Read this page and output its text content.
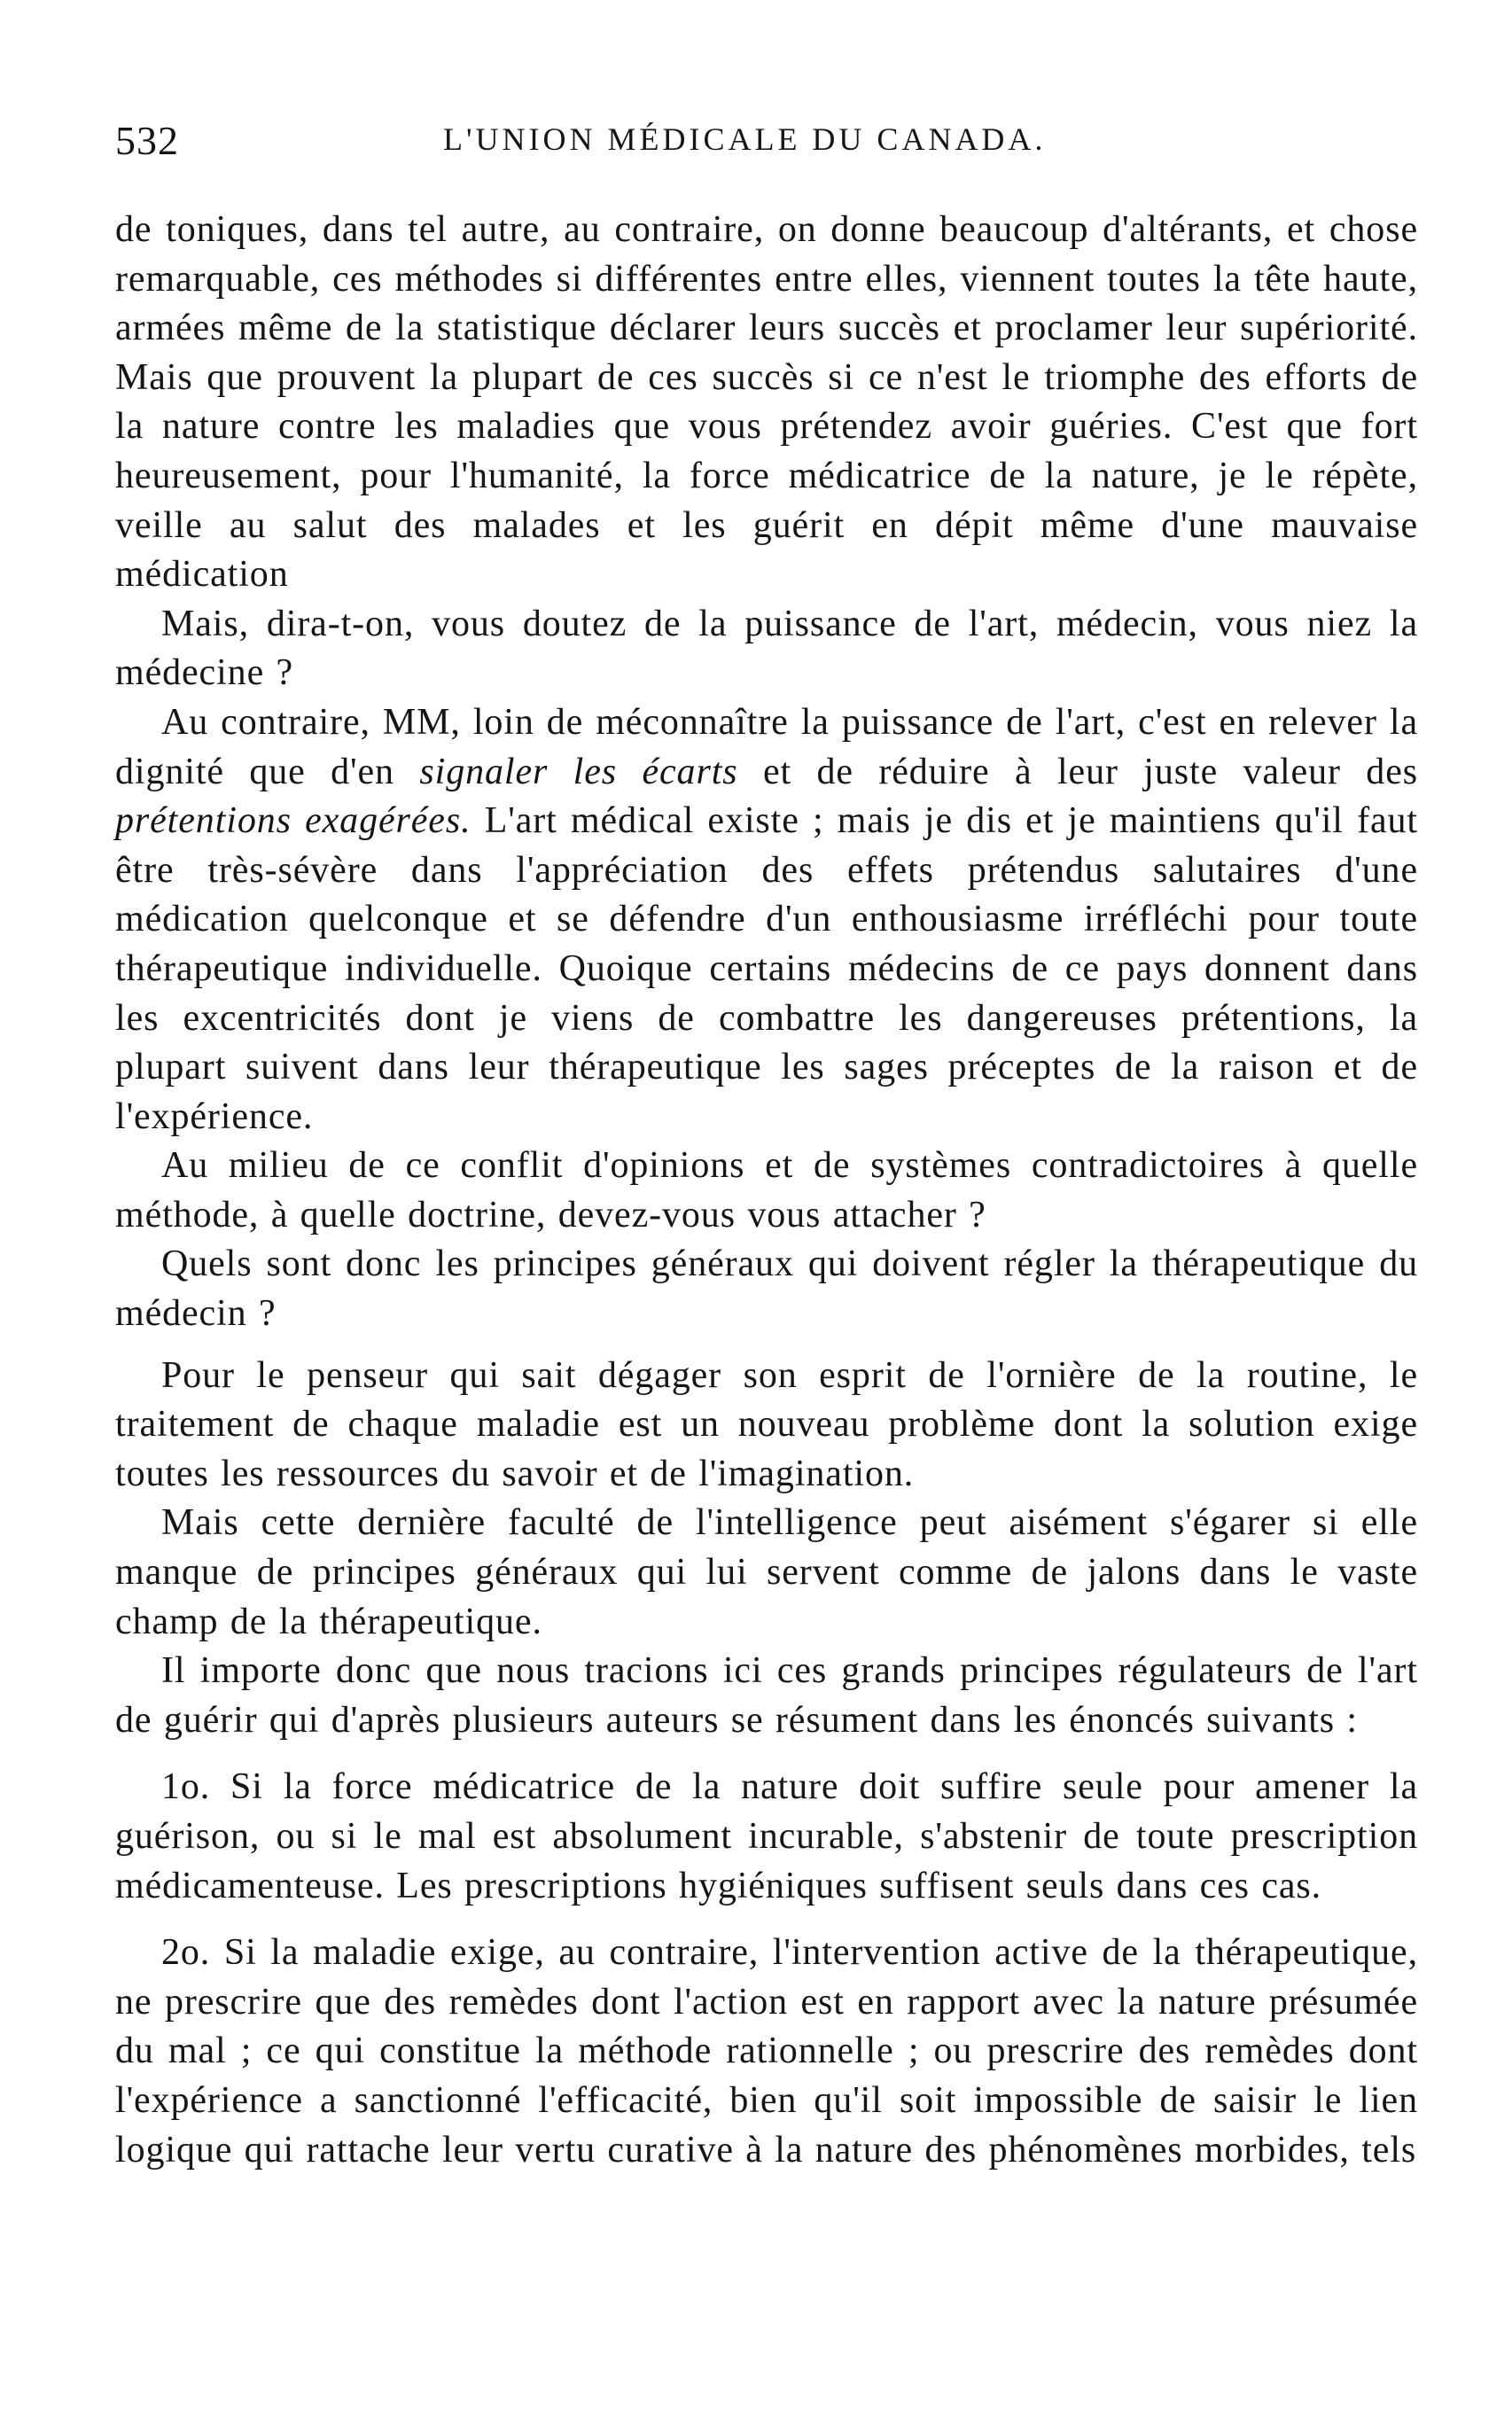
532	L'UNION MÉDICALE DU CANADA.

de toniques, dans tel autre, au contraire, on donne beaucoup d'altérants, et chose remarquable, ces méthodes si différentes entre elles, viennent toutes la tête haute, armées même de la statistique déclarer leurs succès et proclamer leur supériorité. Mais que prouvent la plupart de ces succès si ce n'est le triomphe des efforts de la nature contre les maladies que vous prétendez avoir guéries. C'est que fort heureusement, pour l'humanité, la force médicatrice de la nature, je le répète, veille au salut des malades et les guérit en dépit même d'une mauvaise médication

Mais, dira-t-on, vous doutez de la puissance de l'art, médecin, vous niez la médecine ?

Au contraire, MM, loin de méconnaître la puissance de l'art, c'est en relever la dignité que d'en signaler les écarts et de réduire à leur juste valeur des prétentions exagérées. L'art médical existe ; mais je dis et je maintiens qu'il faut être très-sévère dans l'appréciation des effets prétendus salutaires d'une médication quelconque et se défendre d'un enthousiasme irréfléchi pour toute thérapeutique individuelle. Quoique certains médecins de ce pays donnent dans les excentricités dont je viens de combattre les dangereuses prétentions, la plupart suivent dans leur thérapeutique les sages préceptes de la raison et de l'expérience.

Au milieu de ce conflit d'opinions et de systèmes contradictoires à quelle méthode, à quelle doctrine, devez-vous vous attacher ?

Quels sont donc les principes généraux qui doivent régler la thérapeutique du médecin ?

Pour le penseur qui sait dégager son esprit de l'ornière de la routine, le traitement de chaque maladie est un nouveau problème dont la solution exige toutes les ressources du savoir et de l'imagination.

Mais cette dernière faculté de l'intelligence peut aisément s'égarer si elle manque de principes généraux qui lui servent comme de jalons dans le vaste champ de la thérapeutique.

Il importe donc que nous tracions ici ces grands principes régulateurs de l'art de guérir qui d'après plusieurs auteurs se résument dans les énoncés suivants :

1o. Si la force médicatrice de la nature doit suffire seule pour amener la guérison, ou si le mal est absolument incurable, s'abstenir de toute prescription médicamenteuse. Les prescriptions hygiéniques suffisent seuls dans ces cas.

2o. Si la maladie exige, au contraire, l'intervention active de la thérapeutique, ne prescrire que des remèdes dont l'action est en rapport avec la nature présumée du mal ; ce qui constitue la méthode rationnelle ; ou prescrire des remèdes dont l'expérience a sanctionné l'efficacité, bien qu'il soit impossible de saisir le lien logique qui rattache leur vertu curative à la nature des phénomènes morbides, tels
